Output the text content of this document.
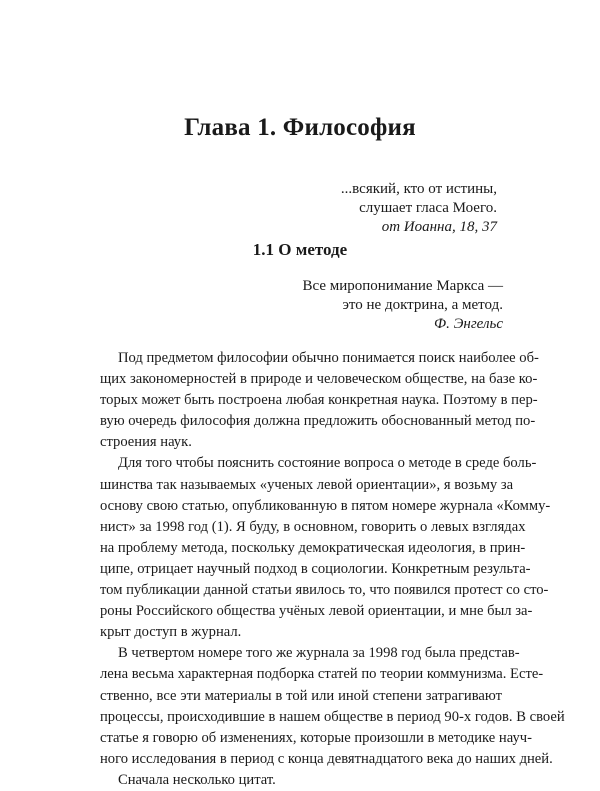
Глава 1. Философия
...всякий, кто от истины,
слушает гласа Моего.
от Иоанна, 18, 37
1.1 О методе
Все миропонимание Маркса —
это не доктрина, а метод.
Ф. Энгельс
Под предметом философии обычно понимается поиск наиболее об-
щих закономерностей в природе и человеческом обществе, на базе ко-
торых может быть построена любая конкретная наука. Поэтому в пер-
вую очередь философия должна предложить обоснованный метод по-
строения наук.
Для того чтобы пояснить состояние вопроса о методе в среде боль-
шинства так называемых «ученых левой ориентации», я возьму за
основу свою статью, опубликованную в пятом номере журнала «Комму-
нист» за 1998 год (1). Я буду, в основном, говорить о левых взглядах
на проблему метода, поскольку демократическая идеология, в прин-
ципе, отрицает научный подход в социологии. Конкретным результа-
том публикации данной статьи явилось то, что появился протест со сто-
роны Российского общества учёных левой ориентации, и мне был за-
крыт доступ в журнал.
В четвертом номере того же журнала за 1998 год была представ-
лена весьма характерная подборка статей по теории коммунизма. Есте-
ственно, все эти материалы в той или иной степени затрагивают
процессы, происходившие в нашем обществе в период 90-х годов. В своей
статье я говорю об изменениях, которые произошли в методике науч-
ного исследования в период с конца девятнадцатого века до наших дней.
Сначала несколько цитат.
